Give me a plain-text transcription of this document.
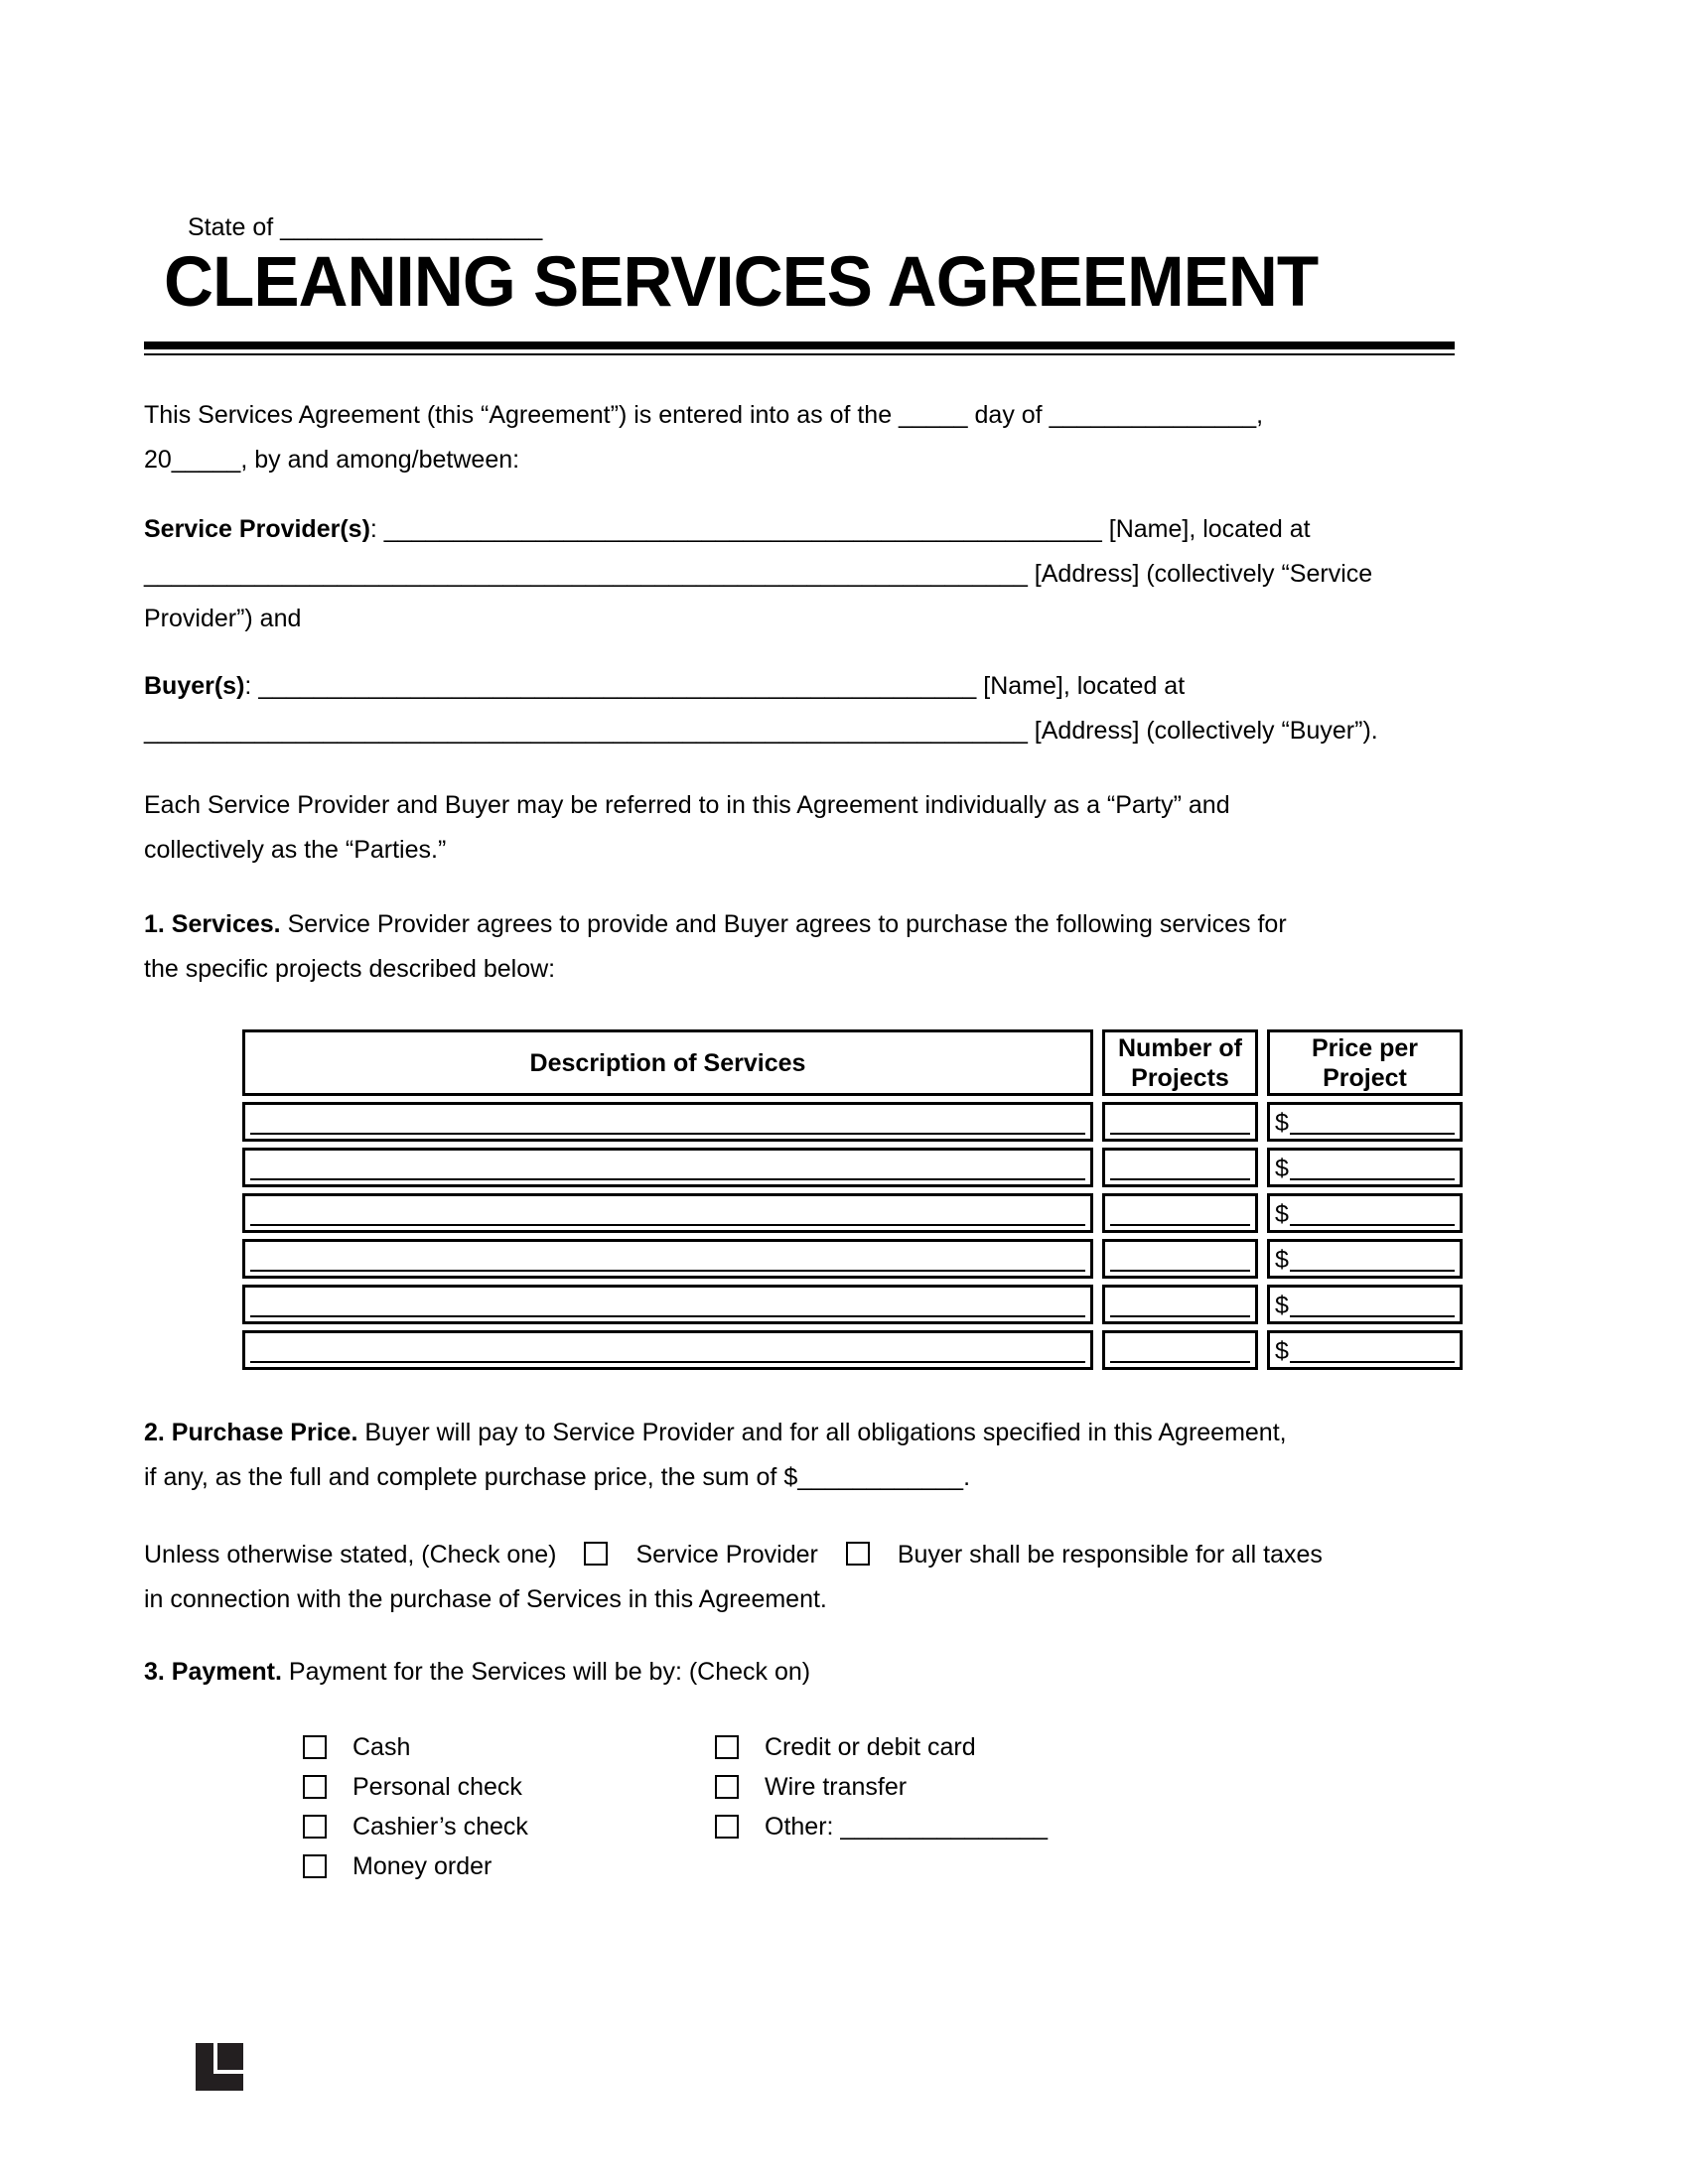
State of ___________________
CLEANING SERVICES AGREEMENT
This Services Agreement (this “Agreement”) is entered into as of the _____ day of _______________,
20_____, by and among/between:
Service Provider(s): ____________________________________________________ [Name], located at
________________________________________________________________ [Address] (collectively “Service
Provider”) and
Buyer(s): ____________________________________________________ [Name], located at
________________________________________________________________ [Address] (collectively “Buyer”).
Each Service Provider and Buyer may be referred to in this Agreement individually as a “Party” and
collectively as the “Parties.”
1. Services. Service Provider agrees to provide and Buyer agrees to purchase the following services for
the specific projects described below:
Description of Services
Number of Projects
Price per Project
$
$
$
$
$
$
2. Purchase Price. Buyer will pay to Service Provider and for all obligations specified in this Agreement,
if any, as the full and complete purchase price, the sum of $____________.
Unless otherwise stated, (Check one)	Service Provider	Buyer shall be responsible for all taxes
in connection with the purchase of Services in this Agreement.
3. Payment. Payment for the Services will be by: (Check on)
Cash
Personal check
Cashier’s check
Money order
Credit or debit card
Wire transfer
Other: _______________
